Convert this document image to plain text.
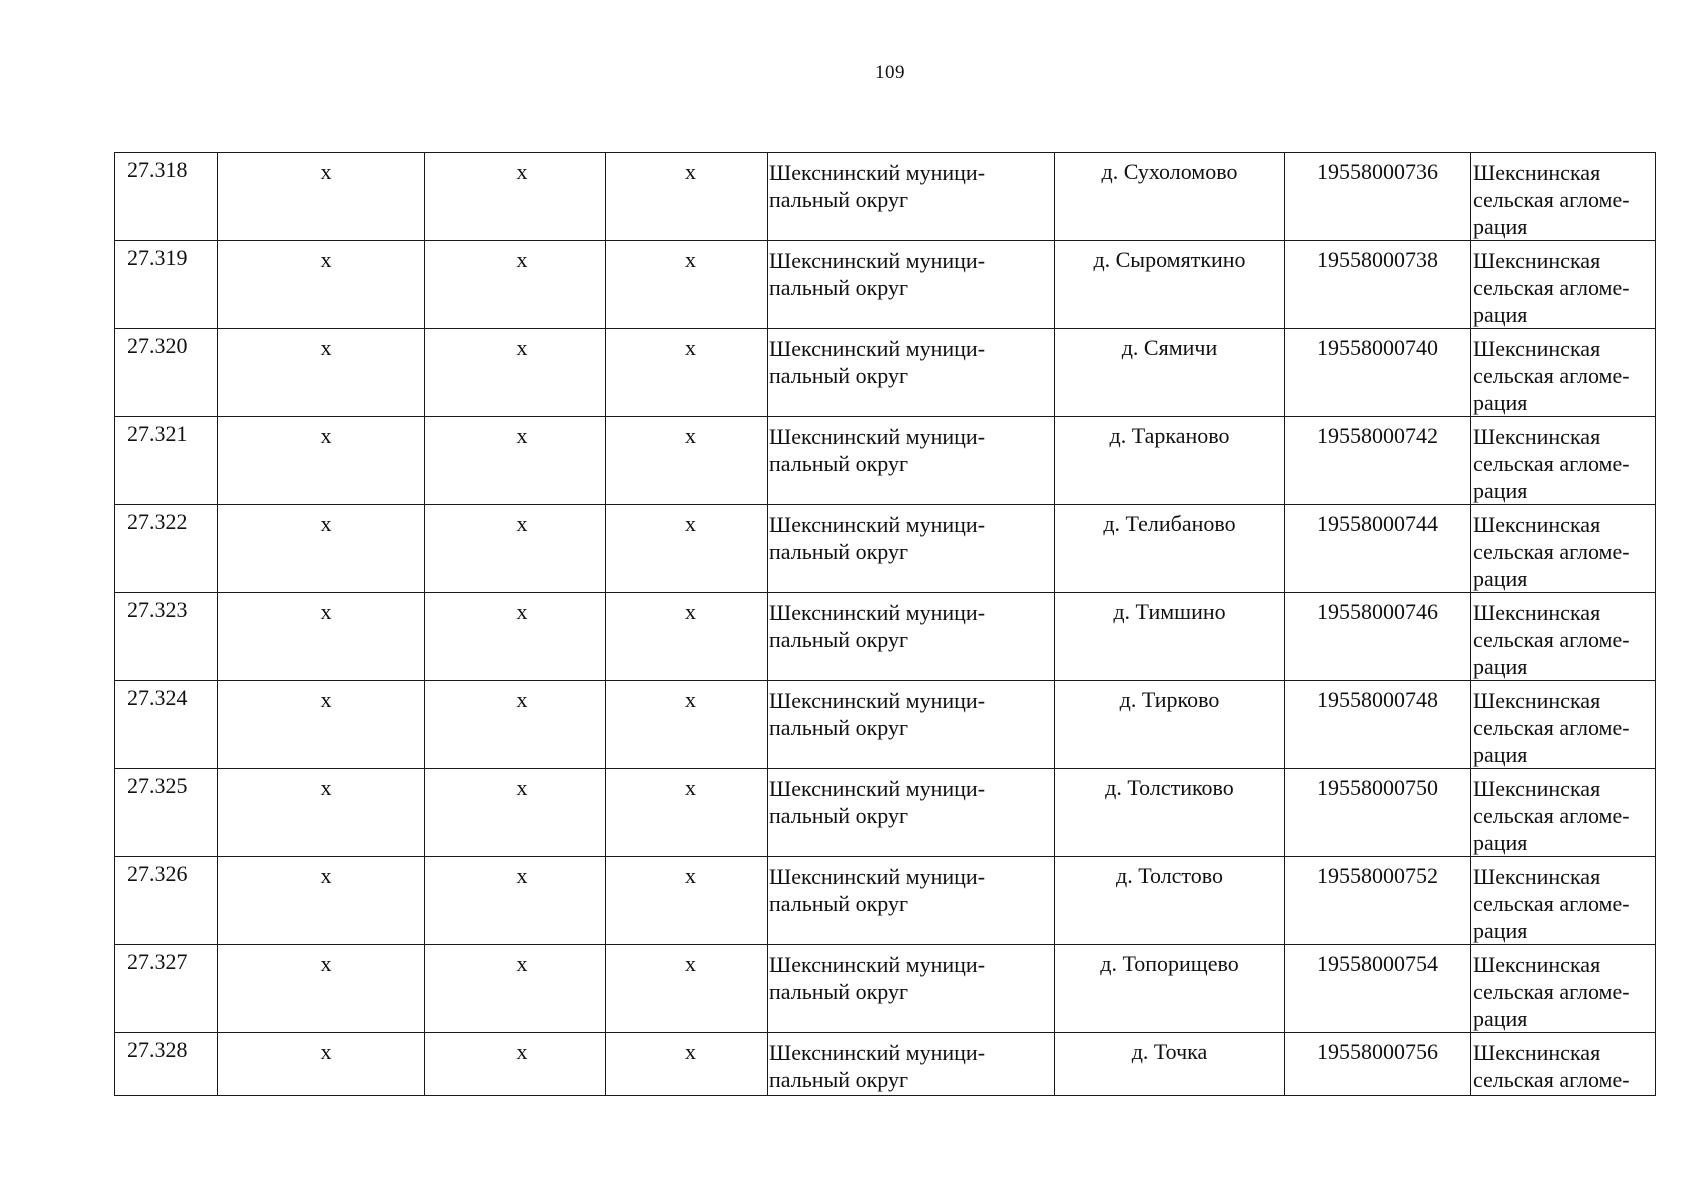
109
27.318	x	x	x	Шекснинский муници-
пальный округ	д. Сухоломово	19558000736	Шекснинская
сельская агломе-
рация

27.319	x	x	x	Шекснинский муници-
пальный округ	д. Сыромяткино	19558000738	Шекснинская
сельская агломе-
рация

27.320	x	x	x	Шекснинский муници-
пальный округ	д. Сямичи	19558000740	Шекснинская
сельская агломе-
рация

27.321	x	x	x	Шекснинский муници-
пальный округ	д. Тарканово	19558000742	Шекснинская
сельская агломе-
рация

27.322	x	x	x	Шекснинский муници-
пальный округ	д. Телибаново	19558000744	Шекснинская
сельская агломе-
рация

27.323	x	x	x	Шекснинский муници-
пальный округ	д. Тимшино	19558000746	Шекснинская
сельская агломе-
рация

27.324	x	x	x	Шекснинский муници-
пальный округ	д. Тирково	19558000748	Шекснинская
сельская агломе-
рация

27.325	x	x	x	Шекснинский муници-
пальный округ	д. Толстиково	19558000750	Шекснинская
сельская агломе-
рация

27.326	x	x	x	Шекснинский муници-
пальный округ	д. Толстово	19558000752	Шекснинская
сельская агломе-
рация

27.327	x	x	x	Шекснинский муници-
пальный округ	д. Топорищево	19558000754	Шекснинская
сельская агломе-
рация

27.328	x	x	x	Шекснинский муници-
пальный округ	д. Точка	19558000756	Шекснинская
сельская агломе-
